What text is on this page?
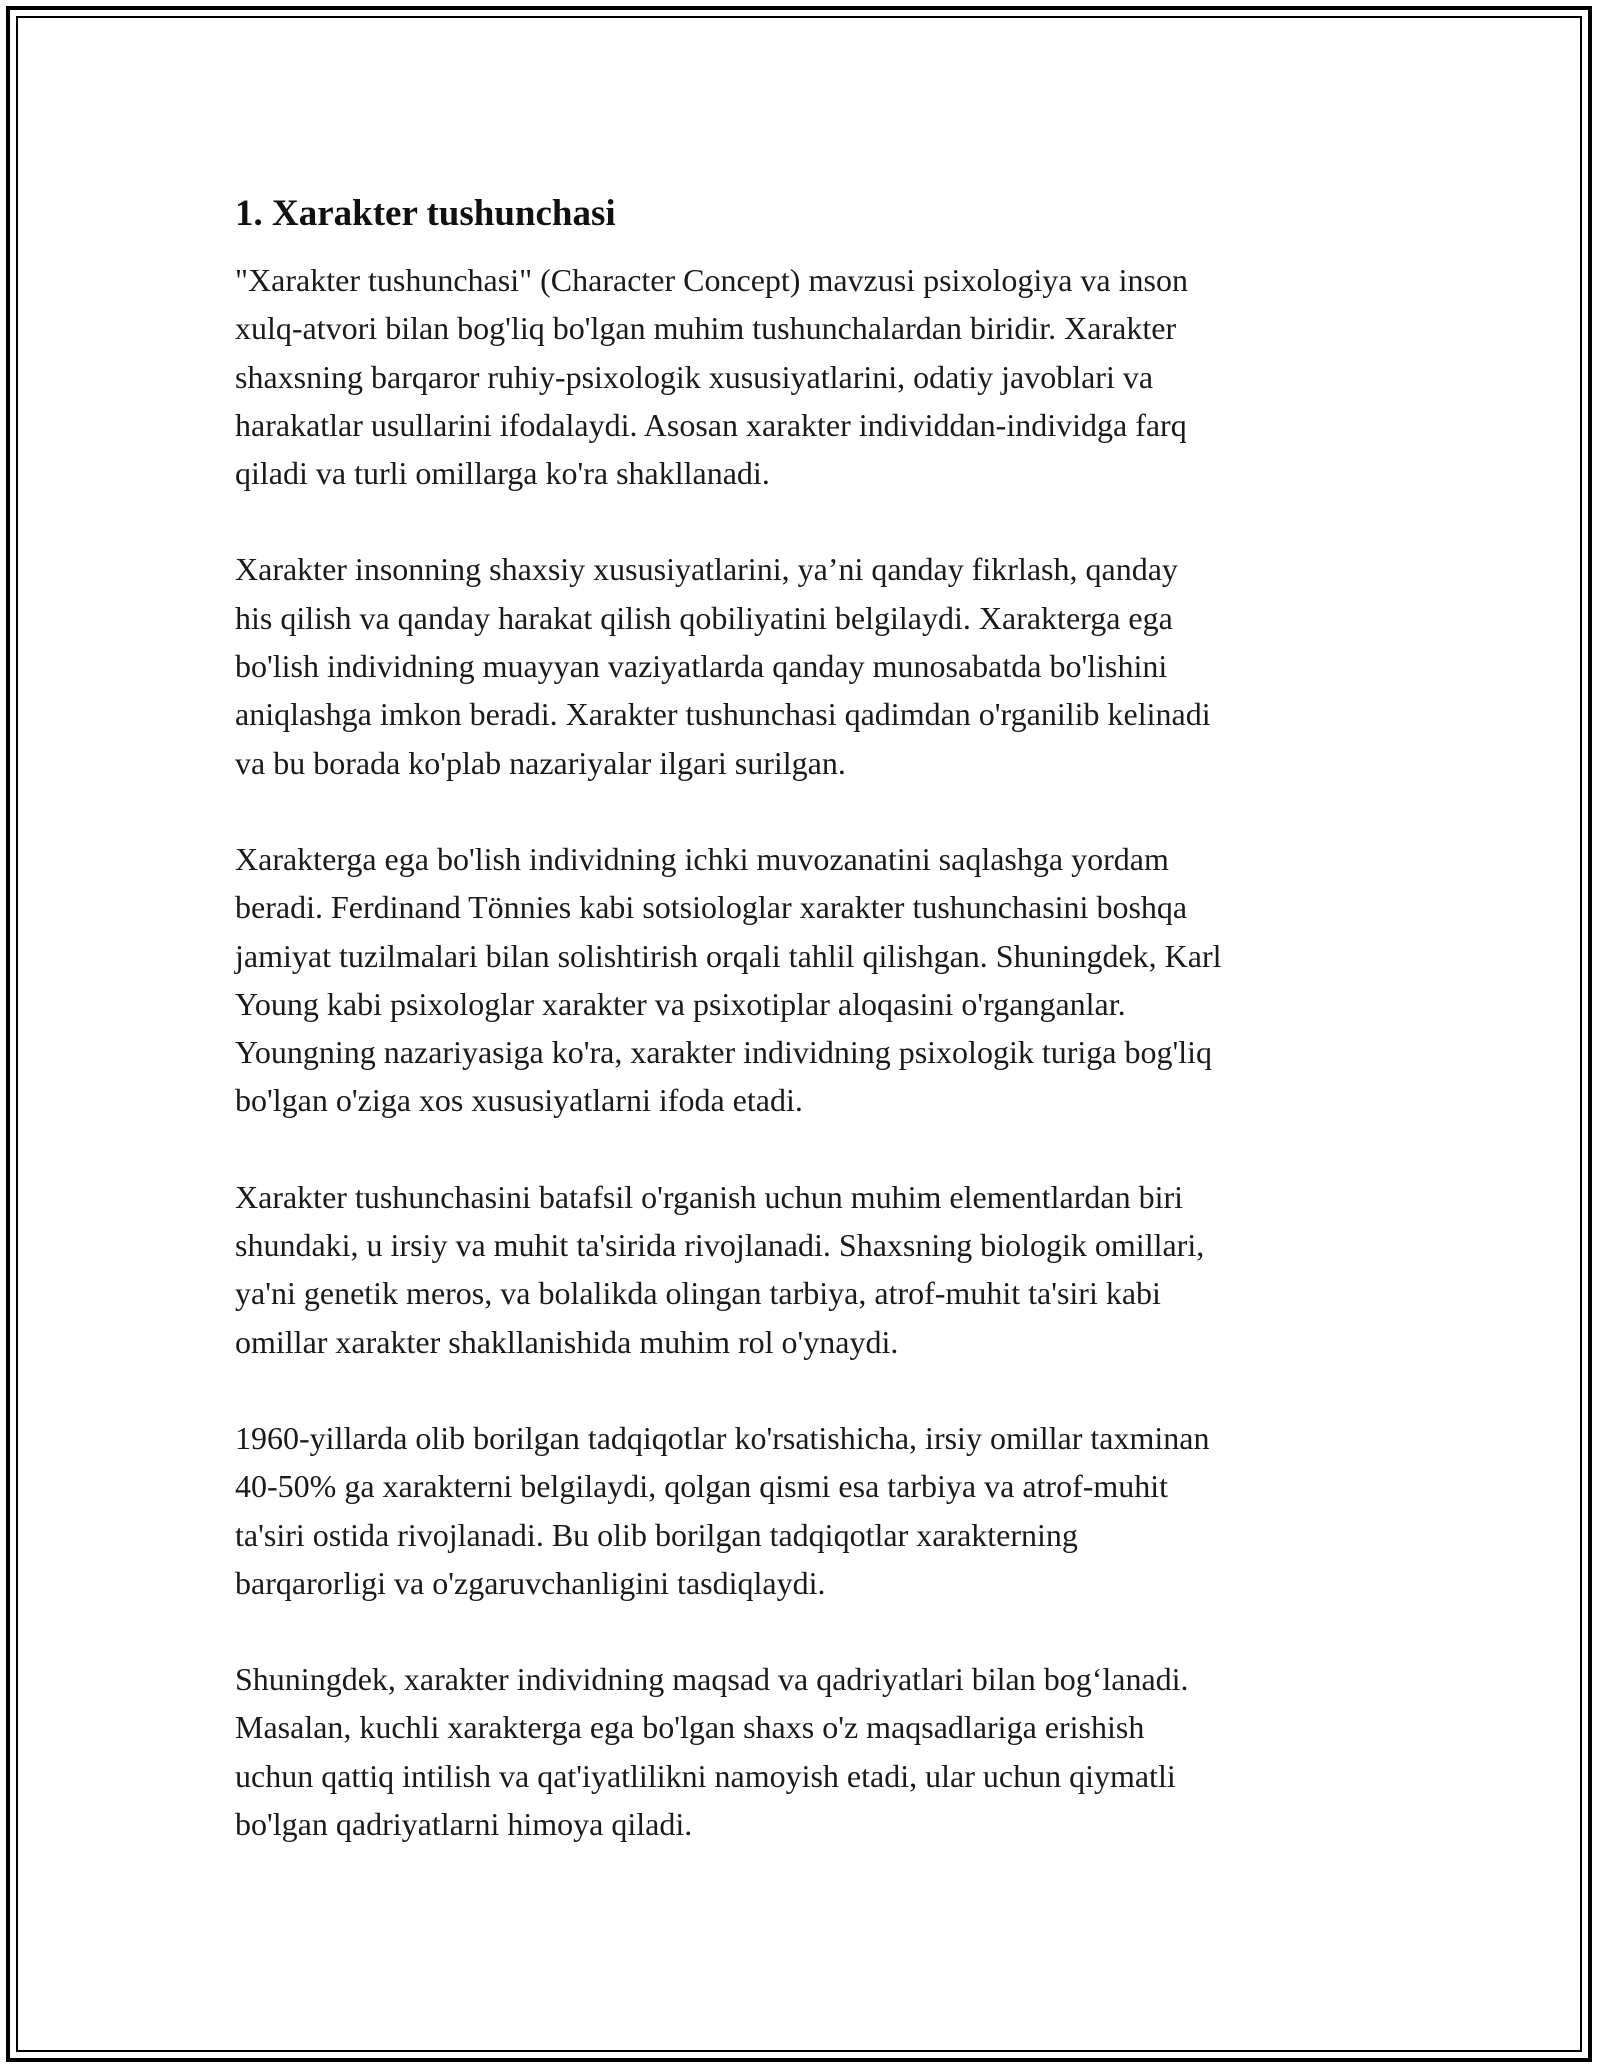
1. Xarakter tushunchasi

"Xarakter tushunchasi" (Character Concept) mavzusi psixologiya va inson
xulq-atvori bilan bog'liq bo'lgan muhim tushunchalardan biridir. Xarakter
shaxsning barqaror ruhiy-psixologik xususiyatlarini, odatiy javoblari va
harakatlar usullarini ifodalaydi. Asosan xarakter individdan-individga farq
qiladi va turli omillarga ko'ra shakllanadi.

Xarakter insonning shaxsiy xususiyatlarini, ya’ni qanday fikrlash, qanday
his qilish va qanday harakat qilish qobiliyatini belgilaydi. Xarakterga ega
bo'lish individning muayyan vaziyatlarda qanday munosabatda bo'lishini
aniqlashga imkon beradi. Xarakter tushunchasi qadimdan o'rganilib kelinadi
va bu borada ko'plab nazariyalar ilgari surilgan.

Xarakterga ega bo'lish individning ichki muvozanatini saqlashga yordam
beradi. Ferdinand Tönnies kabi sotsiologlar xarakter tushunchasini boshqa
jamiyat tuzilmalari bilan solishtirish orqali tahlil qilishgan. Shuningdek, Karl
Young kabi psixologlar xarakter va psixotiplar aloqasini o'rganganlar.
Youngning nazariyasiga ko'ra, xarakter individning psixologik turiga bog'liq
bo'lgan o'ziga xos xususiyatlarni ifoda etadi.

Xarakter tushunchasini batafsil o'rganish uchun muhim elementlardan biri
shundaki, u irsiy va muhit ta'sirida rivojlanadi. Shaxsning biologik omillari,
ya'ni genetik meros, va bolalikda olingan tarbiya, atrof-muhit ta'siri kabi
omillar xarakter shakllanishida muhim rol o'ynaydi.

1960-yillarda olib borilgan tadqiqotlar ko'rsatishicha, irsiy omillar taxminan
40-50% ga xarakterni belgilaydi, qolgan qismi esa tarbiya va atrof-muhit
ta'siri ostida rivojlanadi. Bu olib borilgan tadqiqotlar xarakterning
barqarorligi va o'zgaruvchanligini tasdiqlaydi.

Shuningdek, xarakter individning maqsad va qadriyatlari bilan bog‘lanadi.
Masalan, kuchli xarakterga ega bo'lgan shaxs o'z maqsadlariga erishish
uchun qattiq intilish va qat'iyatlilikni namoyish etadi, ular uchun qiymatli
bo'lgan qadriyatlarni himoya qiladi.
